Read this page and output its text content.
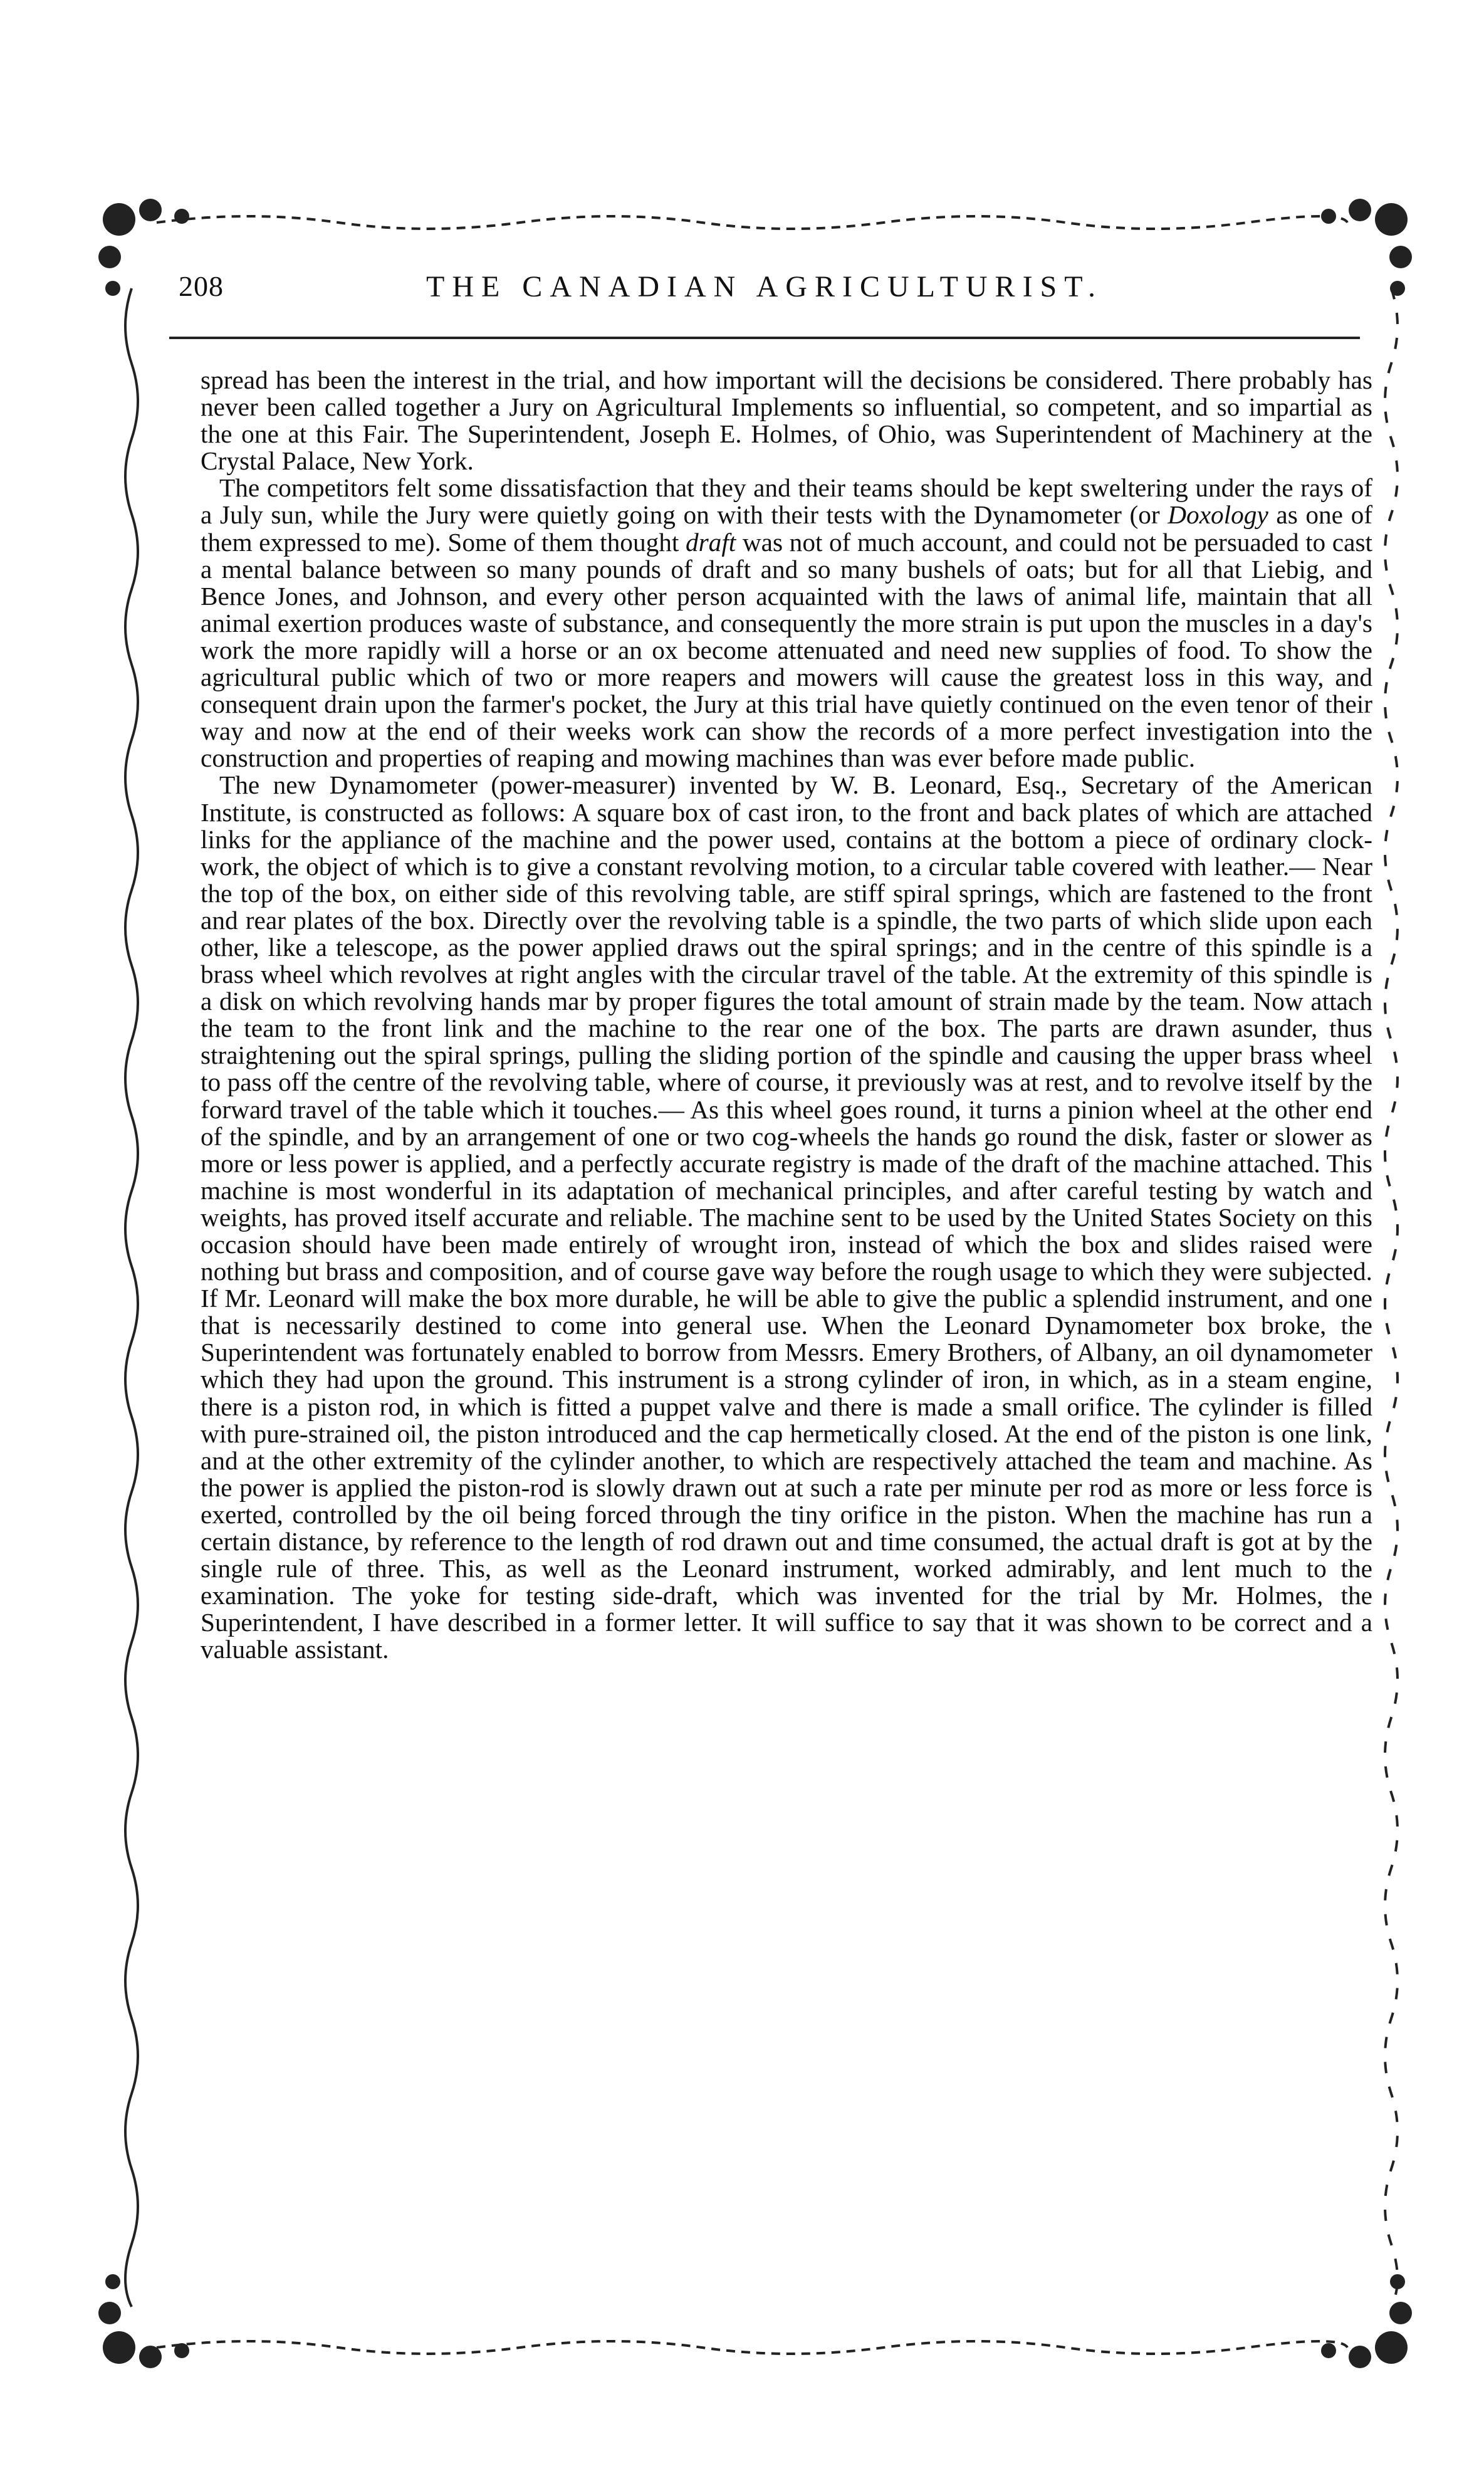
208	THE CANADIAN AGRICULTURIST.

spread has been the interest in the trial, and how important will the decisions be considered. There probably has never been called together a Jury on Agricultural Implements so influential, so competent, and so impartial as the one at this Fair. The Superintendent, Joseph E. Holmes, of Ohio, was Superintendent of Machinery at the Crystal Palace, New York.

The competitors felt some dissatisfaction that they and their teams should be kept sweltering under the rays of a July sun, while the Jury were quietly going on with their tests with the Dynamometer (or Doxology as one of them expressed to me). Some of them thought draft was not of much account, and could not be persuaded to cast a mental balance between so many pounds of draft and so many bushels of oats; but for all that Liebig, and Bence Jones, and Johnson, and every other person acquainted with the laws of animal life, maintain that all animal exertion produces waste of substance, and consequently the more strain is put upon the muscles in a day's work the more rapidly will a horse or an ox become attenuated and need new supplies of food. To show the agricultural public which of two or more reapers and mowers will cause the greatest loss in this way, and consequent drain upon the farmer's pocket, the Jury at this trial have quietly continued on the even tenor of their way and now at the end of their weeks work can show the records of a more perfect investigation into the construction and properties of reaping and mowing machines than was ever before made public.

The new Dynamometer (power-measurer) invented by W. B. Leonard, Esq., Secretary of the American Institute, is constructed as follows: A square box of cast iron, to the front and back plates of which are attached links for the appliance of the machine and the power used, contains at the bottom a piece of ordinary clock-work, the object of which is to give a constant revolving motion, to a circular table covered with leather.— Near the top of the box, on either side of this revolving table, are stiff spiral springs, which are fastened to the front and rear plates of the box. Directly over the revolving table is a spindle, the two parts of which slide upon each other, like a telescope, as the power applied draws out the spiral springs; and in the centre of this spindle is a brass wheel which revolves at right angles with the circular travel of the table. At the extremity of this spindle is a disk on which revolving hands mar by proper figures the total amount of strain made by the team. Now attach the team to the front link and the machine to the rear one of the box. The parts are drawn asunder, thus straightening out the spiral springs, pulling the sliding portion of the spindle and causing the upper brass wheel to pass off the centre of the revolving table, where of course, it previously was at rest, and to revolve itself by the forward travel of the table which it touches.— As this wheel goes round, it turns a pinion wheel at the other end of the spindle, and by an arrangement of one or two cog-wheels the hands go round the disk, faster or slower as more or less power is applied, and a perfectly accurate registry is made of the draft of the machine attached. This machine is most wonderful in its adaptation of mechanical principles, and after careful testing by watch and weights, has proved itself accurate and reliable. The machine sent to be used by the United States Society on this occasion should have been made entirely of wrought iron, instead of which the box and slides raised were nothing but brass and composition, and of course gave way before the rough usage to which they were subjected. If Mr. Leonard will make the box more durable, he will be able to give the public a splendid instrument, and one that is necessarily destined to come into general use. When the Leonard Dynamometer box broke, the Superintendent was fortunately enabled to borrow from Messrs. Emery Brothers, of Albany, an oil dynamometer which they had upon the ground. This instrument is a strong cylinder of iron, in which, as in a steam engine, there is a piston rod, in which is fitted a puppet valve and there is made a small orifice. The cylinder is filled with pure-strained oil, the piston introduced and the cap hermetically closed. At the end of the piston is one link, and at the other extremity of the cylinder another, to which are respectively attached the team and machine. As the power is applied the piston-rod is slowly drawn out at such a rate per minute per rod as more or less force is exerted, controlled by the oil being forced through the tiny orifice in the piston. When the machine has run a certain distance, by reference to the length of rod drawn out and time consumed, the actual draft is got at by the single rule of three. This, as well as the Leonard instrument, worked admirably, and lent much to the examination. The yoke for testing side-draft, which was invented for the trial by Mr. Holmes, the Superintendent, I have described in a former letter. It will suffice to say that it was shown to be correct and a valuable assistant.
